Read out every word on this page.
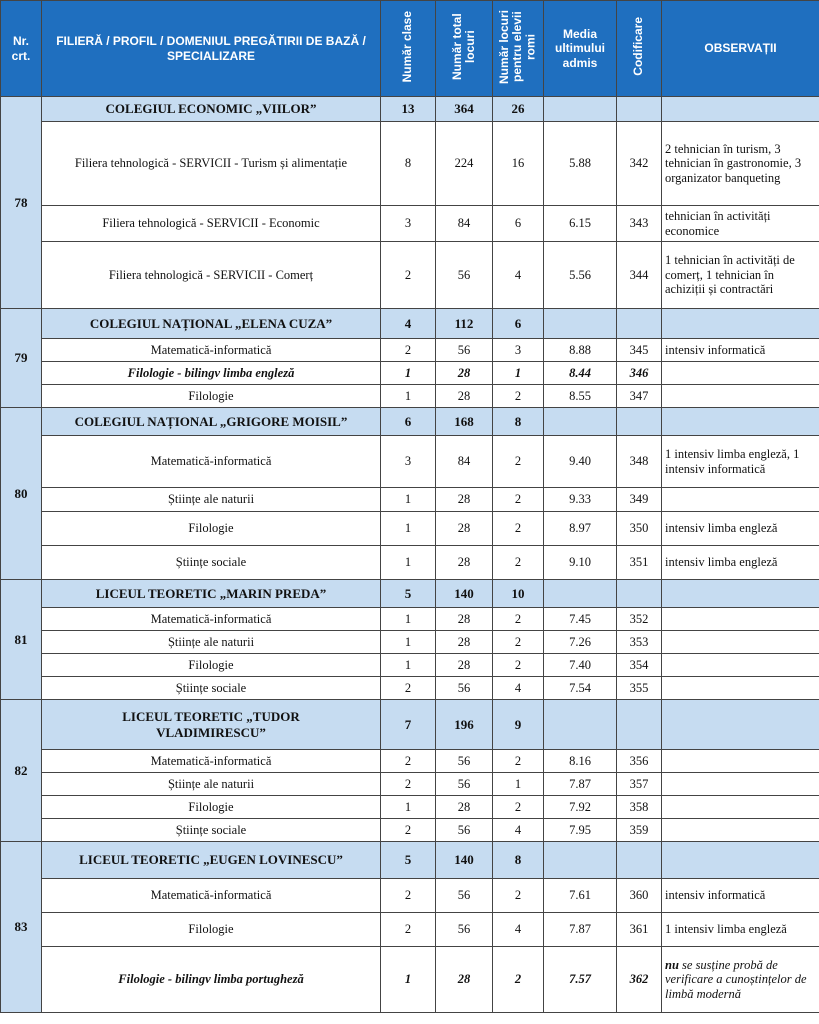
Nr. crt.	FILIERĂ / PROFIL / DOMENIUL PREGĂTIRII DE BAZĂ / SPECIALIZARE	Număr clase	Număr total locuri	Număr locuri pentru elevii romi	Media ultimului admis	Codificare	OBSERVAȚII
78	COLEGIUL ECONOMIC „VIILOR”	13	364	26			
	Filiera tehnologică - SERVICII - Turism și alimentație	8	224	16	5.88	342	2 tehnician în turism, 3 tehnician în gastronomie, 3 organizator banqueting
	Filiera tehnologică - SERVICII - Economic	3	84	6	6.15	343	tehnician în activități economice
	Filiera tehnologică - SERVICII - Comerț	2	56	4	5.56	344	1 tehnician în activități de comerț, 1 tehnician în achiziții și contractări
79	COLEGIUL NAȚIONAL „ELENA CUZA”	4	112	6			
	Matematică-informatică	2	56	3	8.88	345	intensiv informatică
	Filologie - bilingv limba engleză	1	28	1	8.44	346	
	Filologie	1	28	2	8.55	347	
80	COLEGIUL NAȚIONAL „GRIGORE MOISIL”	6	168	8			
	Matematică-informatică	3	84	2	9.40	348	1 intensiv limba engleză, 1 intensiv informatică
	Științe ale naturii	1	28	2	9.33	349	
	Filologie	1	28	2	8.97	350	intensiv limba engleză
	Științe sociale	1	28	2	9.10	351	intensiv limba engleză
81	LICEUL TEORETIC „MARIN PREDA”	5	140	10			
	Matematică-informatică	1	28	2	7.45	352	
	Științe ale naturii	1	28	2	7.26	353	
	Filologie	1	28	2	7.40	354	
	Științe sociale	2	56	4	7.54	355	
82	LICEUL TEORETIC „TUDOR VLADIMIRESCU”	7	196	9			
	Matematică-informatică	2	56	2	8.16	356	
	Științe ale naturii	2	56	1	7.87	357	
	Filologie	1	28	2	7.92	358	
	Științe sociale	2	56	4	7.95	359	
83	LICEUL TEORETIC „EUGEN LOVINESCU”	5	140	8			
	Matematică-informatică	2	56	2	7.61	360	intensiv informatică
	Filologie	2	56	4	7.87	361	1 intensiv limba engleză
	Filologie - bilingv limba portugheză	1	28	2	7.57	362	nu se susține probă de verificare a cunoștințelor de limbă modernă
